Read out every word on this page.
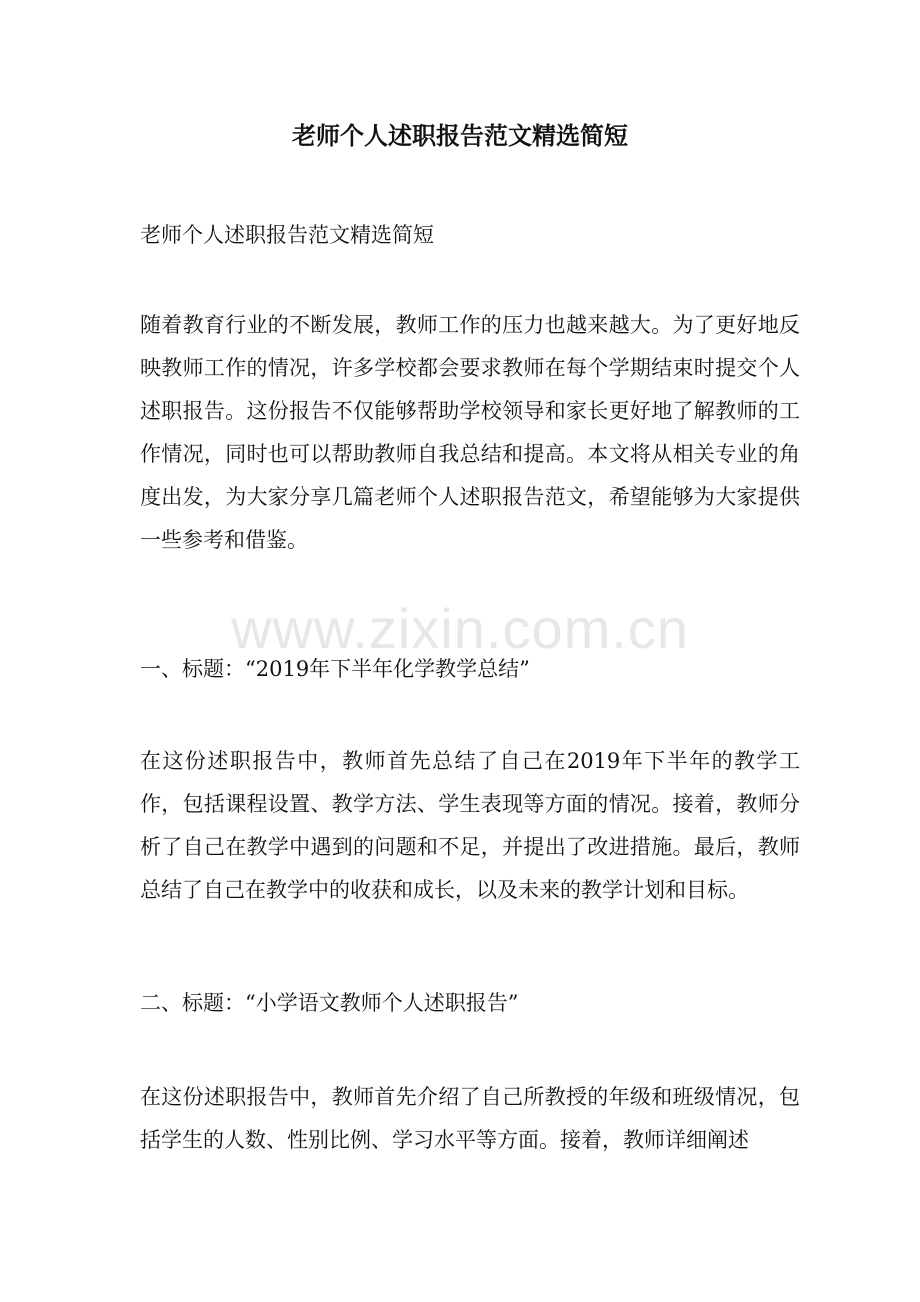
老师个人述职报告范文精选简短

老师个人述职报告范文精选简短

随着教育行业的不断发展，教师工作的压力也越来越大。为了更好地反映教师工作的情况，许多学校都会要求教师在每个学期结束时提交个人述职报告。这份报告不仅能够帮助学校领导和家长更好地了解教师的工作情况，同时也可以帮助教师自我总结和提高。本文将从相关专业的角度出发，为大家分享几篇老师个人述职报告范文，希望能够为大家提供一些参考和借鉴。

www.zixin.com.cn

一、标题：“2019年下半年化学教学总结”

在这份述职报告中，教师首先总结了自己在2019年下半年的教学工作，包括课程设置、教学方法、学生表现等方面的情况。接着，教师分析了自己在教学中遇到的问题和不足，并提出了改进措施。最后，教师总结了自己在教学中的收获和成长，以及未来的教学计划和目标。

二、标题：“小学语文教师个人述职报告”

在这份述职报告中，教师首先介绍了自己所教授的年级和班级情况，包括学生的人数、性别比例、学习水平等方面。接着，教师详细阐述
